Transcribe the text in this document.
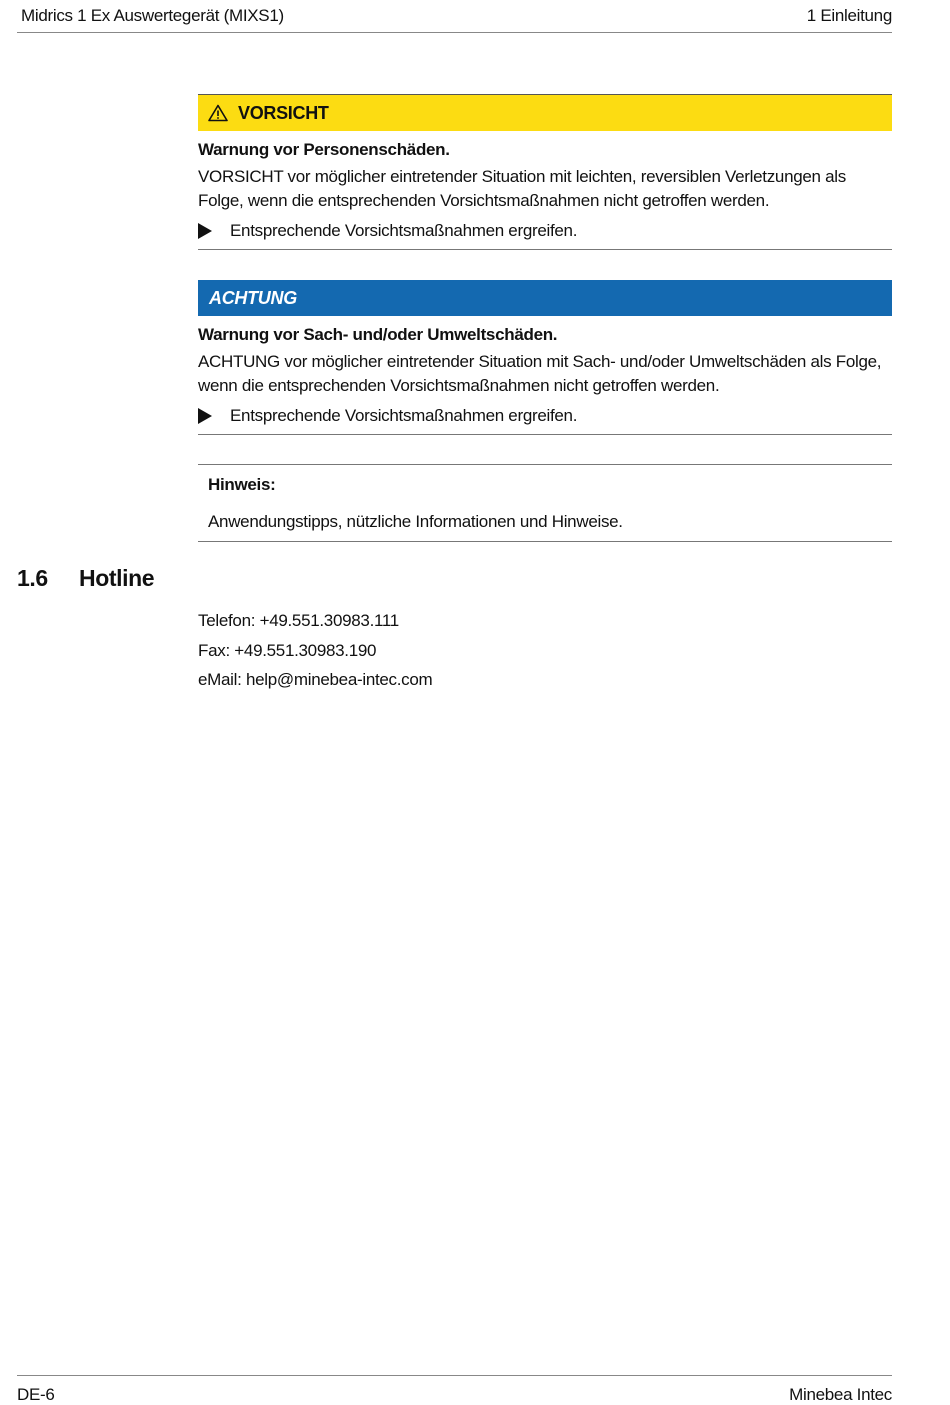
Midrics 1 Ex Auswertegerät (MIXS1)	1 Einleitung
VORSICHT
Warnung vor Personenschäden.
VORSICHT vor möglicher eintretender Situation mit leichten, reversiblen Verletzungen als Folge, wenn die entsprechenden Vorsichtsmaßnahmen nicht getroffen werden.
Entsprechende Vorsichtsmaßnahmen ergreifen.
ACHTUNG
Warnung vor Sach- und/oder Umweltschäden.
ACHTUNG vor möglicher eintretender Situation mit Sach- und/oder Umweltschäden als Folge, wenn die entsprechenden Vorsichtsmaßnahmen nicht getroffen werden.
Entsprechende Vorsichtsmaßnahmen ergreifen.
Hinweis:
Anwendungstipps, nützliche Informationen und Hinweise.
1.6 Hotline
Telefon: +49.551.30983.111
Fax: +49.551.30983.190
eMail: help@minebea-intec.com
DE-6	Minebea Intec
